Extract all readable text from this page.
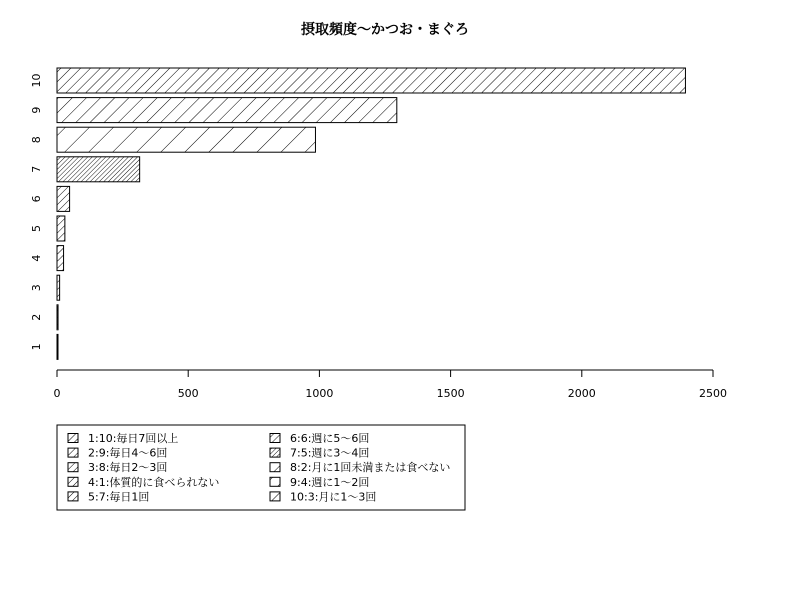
摂取頻度〜かつお・まぐろ
1
2
3
4
5
6
7
8
9
10
0	500	1000	1500	2000	2500
1:10:毎日7回以上
2:9:毎日4〜6回
3:8:毎日2〜3回
4:1:体質的に食べられない
5:7:毎日1回
6:6:週に5〜6回
7:5:週に3〜4回
8:2:月に1回未満または食べない
9:4:週に1〜2回
10:3:月に1〜3回
